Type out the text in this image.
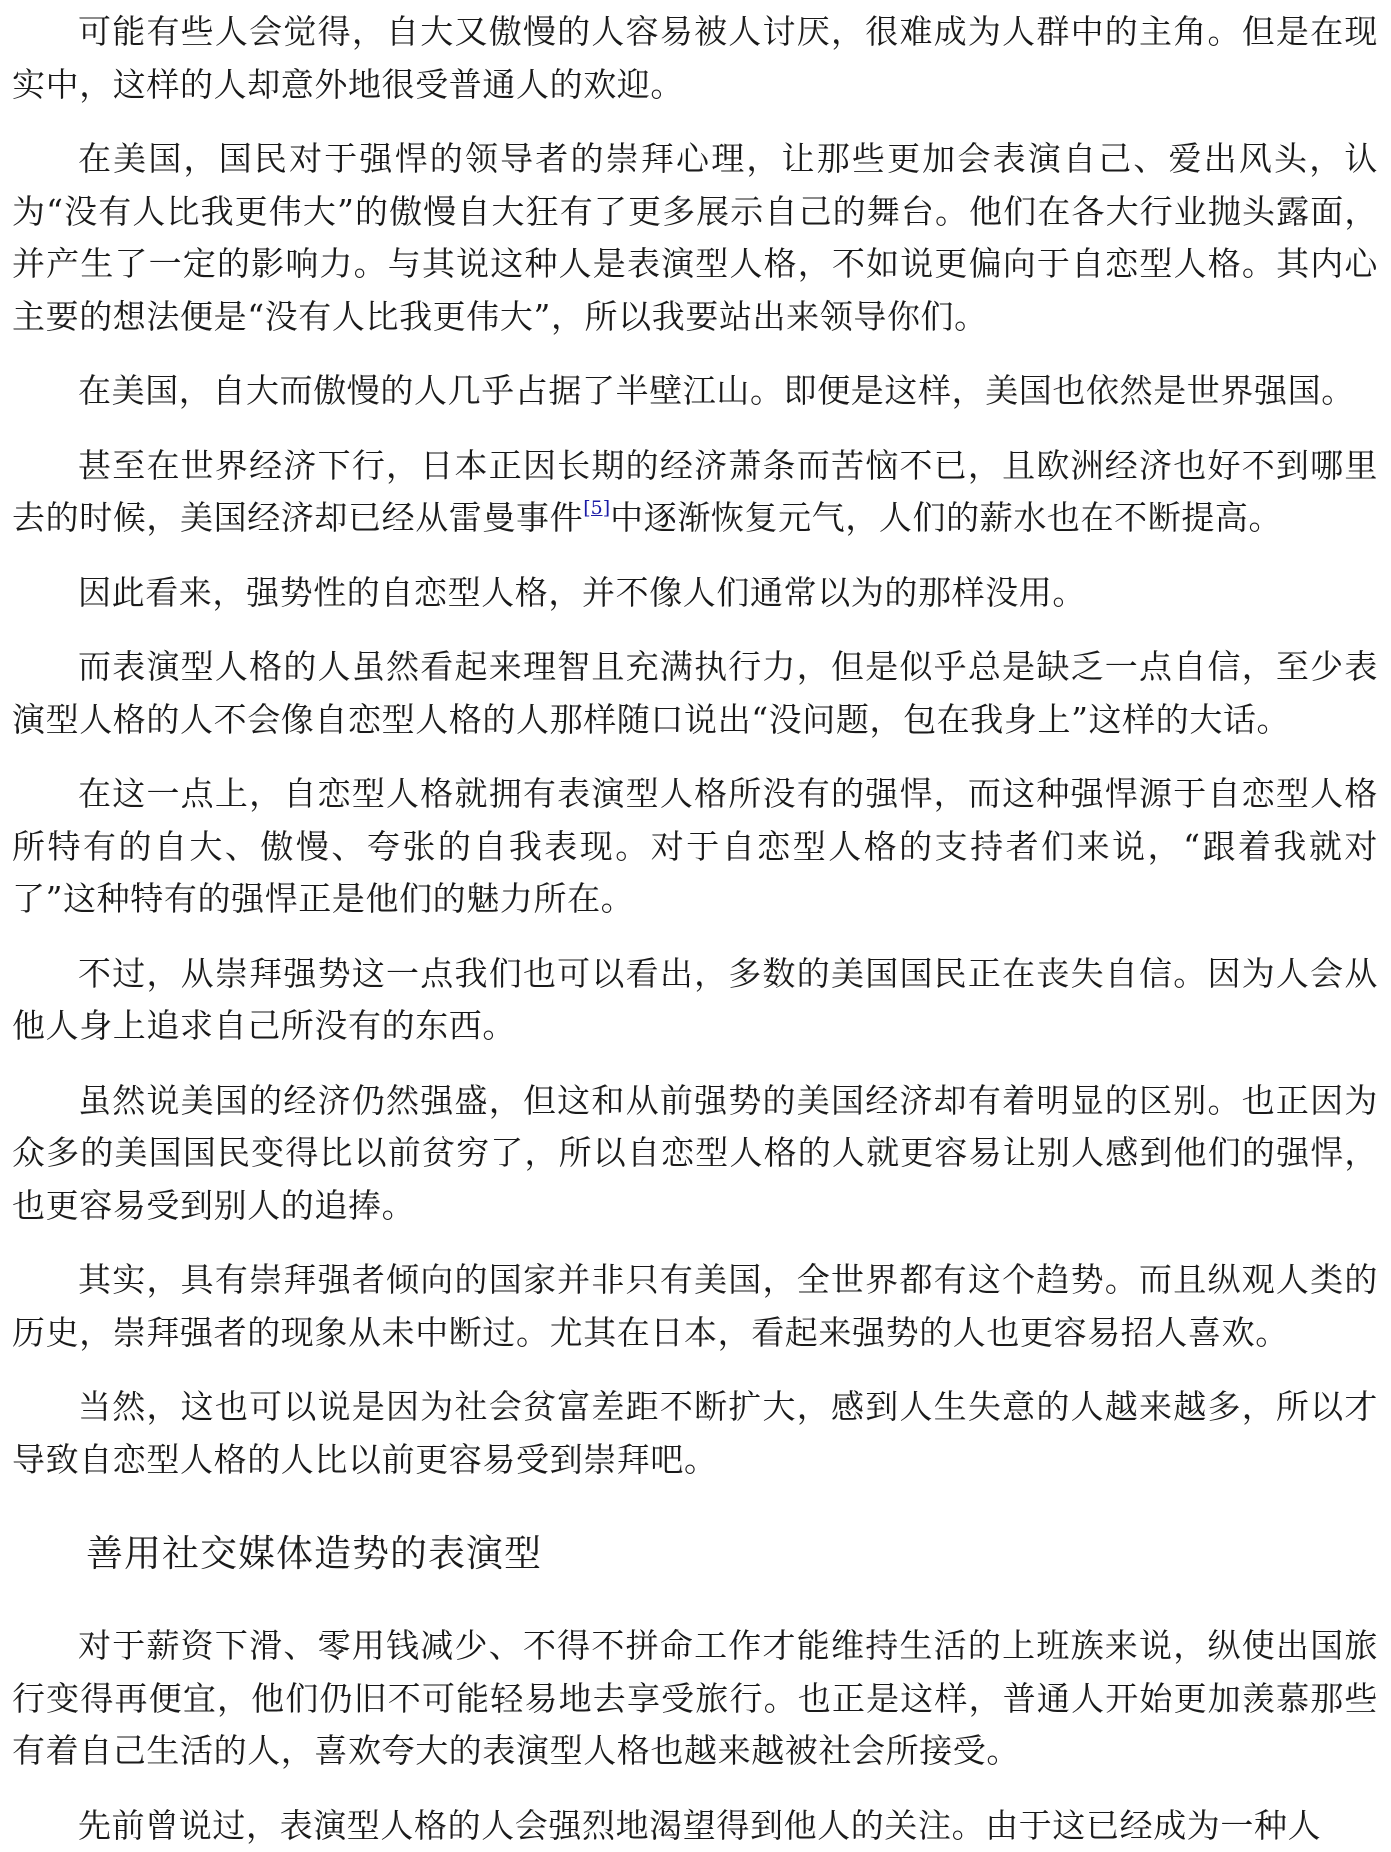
可能有些人会觉得，自大又傲慢的人容易被人讨厌，很难成为人群中的主角。但是在现实中，这样的人却意外地很受普通人的欢迎。

在美国，国民对于强悍的领导者的崇拜心理，让那些更加会表演自己、爱出风头，认为“没有人比我更伟大”的傲慢自大狂有了更多展示自己的舞台。他们在各大行业抛头露面，并产生了一定的影响力。与其说这种人是表演型人格，不如说更偏向于自恋型人格。其内心主要的想法便是“没有人比我更伟大”，所以我要站出来领导你们。

在美国，自大而傲慢的人几乎占据了半壁江山。即便是这样，美国也依然是世界强国。

甚至在世界经济下行，日本正因长期的经济萧条而苦恼不已，且欧洲经济也好不到哪里去的时候，美国经济却已经从雷曼事件[5]中逐渐恢复元气，人们的薪水也在不断提高。

因此看来，强势性的自恋型人格，并不像人们通常以为的那样没用。

而表演型人格的人虽然看起来理智且充满执行力，但是似乎总是缺乏一点自信，至少表演型人格的人不会像自恋型人格的人那样随口说出“没问题，包在我身上”这样的大话。

在这一点上，自恋型人格就拥有表演型人格所没有的强悍，而这种强悍源于自恋型人格所特有的自大、傲慢、夸张的自我表现。对于自恋型人格的支持者们来说，“跟着我就对了”这种特有的强悍正是他们的魅力所在。

不过，从崇拜强势这一点我们也可以看出，多数的美国国民正在丧失自信。因为人会从他人身上追求自己所没有的东西。

虽然说美国的经济仍然强盛，但这和从前强势的美国经济却有着明显的区别。也正因为众多的美国国民变得比以前贫穷了，所以自恋型人格的人就更容易让别人感到他们的强悍，也更容易受到别人的追捧。

其实，具有崇拜强者倾向的国家并非只有美国，全世界都有这个趋势。而且纵观人类的历史，崇拜强者的现象从未中断过。尤其在日本，看起来强势的人也更容易招人喜欢。

当然，这也可以说是因为社会贫富差距不断扩大，感到人生失意的人越来越多，所以才导致自恋型人格的人比以前更容易受到崇拜吧。

善用社交媒体造势的表演型

对于薪资下滑、零用钱减少、不得不拼命工作才能维持生活的上班族来说，纵使出国旅行变得再便宜，他们仍旧不可能轻易地去享受旅行。也正是这样，普通人开始更加羡慕那些有着自己生活的人，喜欢夸大的表演型人格也越来越被社会所接受。

先前曾说过，表演型人格的人会强烈地渴望得到他人的关注。由于这已经成为一种人
